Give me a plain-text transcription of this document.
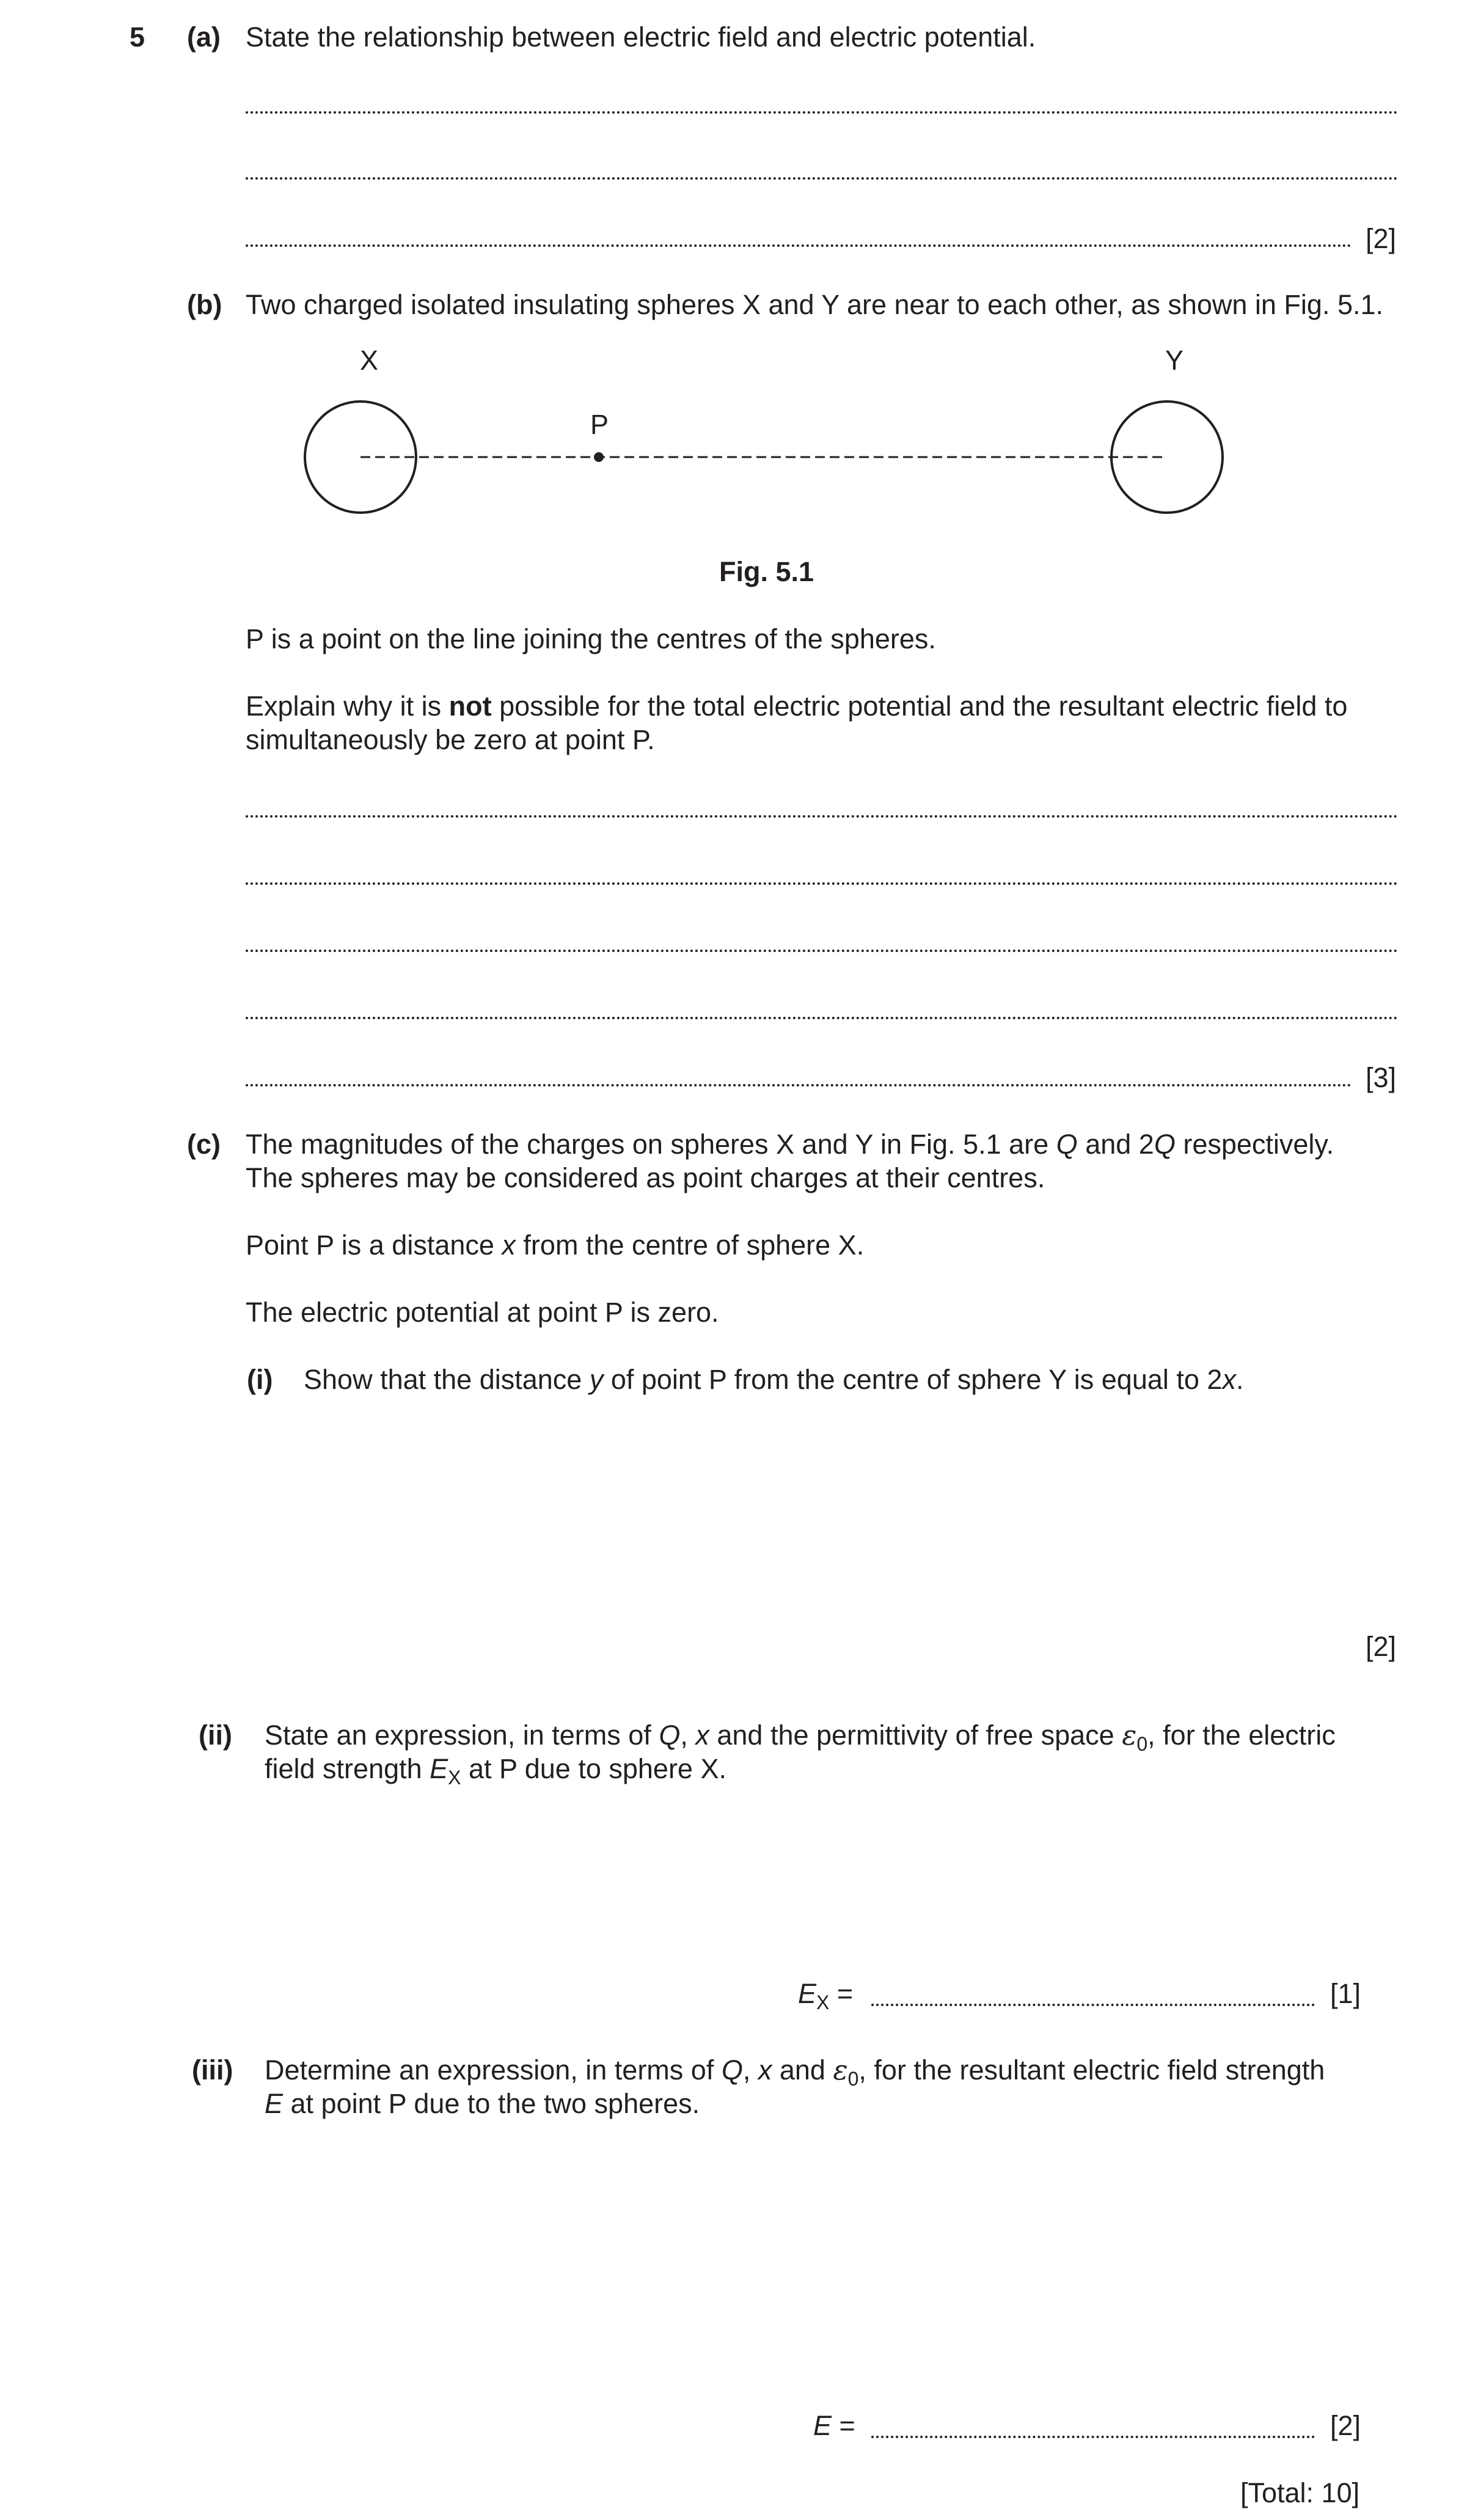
5 (a) State the relationship between electric field and electric potential.
[2]
(b) Two charged isolated insulating spheres X and Y are near to each other, as shown in Fig. 5.1.
X	Y
P
Fig. 5.1
P is a point on the line joining the centres of the spheres.
Explain why it is not possible for the total electric potential and the resultant electric field to
simultaneously be zero at point P.
[3]
(c) The magnitudes of the charges on spheres X and Y in Fig. 5.1 are Q and 2Q respectively.
The spheres may be considered as point charges at their centres.
Point P is a distance x from the centre of sphere X.
The electric potential at point P is zero.
(i) Show that the distance y of point P from the centre of sphere Y is equal to 2x.
[2]
(ii) State an expression, in terms of Q, x and the permittivity of free space $\varepsilon_0$, for the electric
field strength $E_X$ at P due to sphere X.
$E_X$ =	[1]
(iii) Determine an expression, in terms of Q, x and $\varepsilon_0$, for the resultant electric field strength
E at point P due to the two spheres.
E =	[2]
[Total: 10]
